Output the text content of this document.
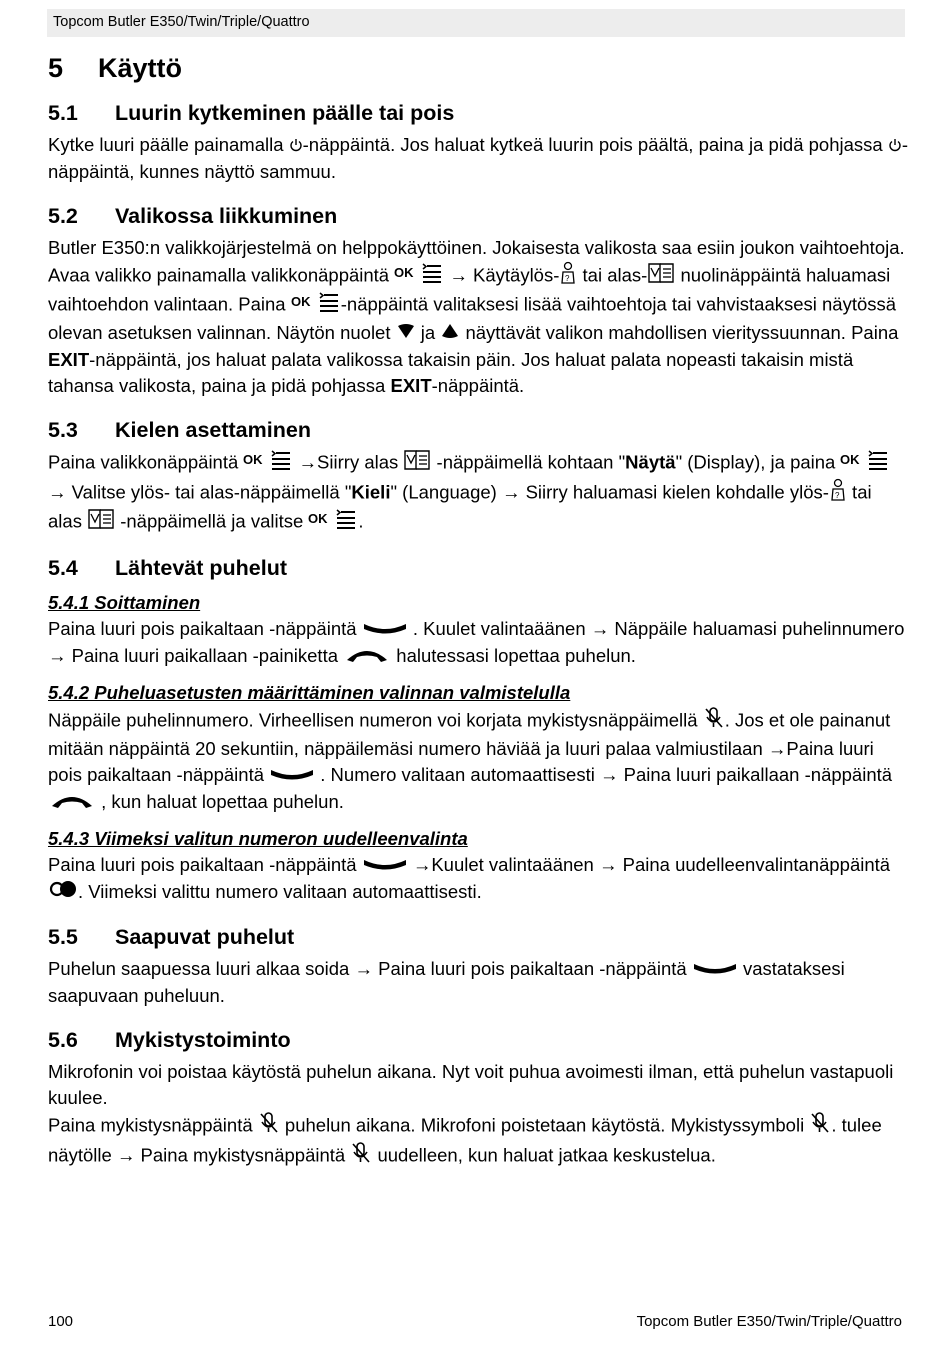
Topcom Butler E350/Twin/Triple/Quattro
5 Käyttö
5.1 Luurin kytkeminen päälle tai pois

Kytke luuri päälle painamalla -näppäintä. Jos haluat kytkeä luurin pois päältä, paina ja pidä pohjassa -näppäintä, kunnes näyttö sammuu.

5.2 Valikossa liikkuminen

Butler E350:n valikkojärjestelmä on helppokäyttöinen. Jokaisesta valikosta saa esiin joukon vaihtoehtoja. Avaa valikko painamalla valikkonäppäintä OK → Käytäylös- ? tai alas- nuolinäppäintä haluamasi vaihtoehdon valintaan. Paina OK -näppäintä valitaksesi lisää vaihtoehtoja tai vahvistaaksesi näytössä olevan asetuksen valinnan. Näytön nuolet  ja  näyttävät valikon mahdollisen vierityssuunnan. Paina EXIT-näppäintä, jos haluat palata valikossa takaisin päin. Jos haluat palata nopeasti takaisin mistä tahansa valikosta, paina ja pidä pohjassa EXIT-näppäintä.

5.3 Kielen asettaminen

Paina valikkonäppäintä OK →Siirry alas  -näppäimellä kohtaan "Näytä" (Display), ja paina OK
→ Valitse ylös- tai alas-näppäimellä "Kieli" (Language) → Siirry haluamasi kielen kohdalle ylös- ? tai alas  -näppäimellä ja valitse OK .

5.4 Lähtevät puhelut
5.4.1 Soittaminen

Paina luuri pois paikaltaan -näppäintä  . Kuulet valintaäänen → Näppäile haluamasi puhelinnumero → Paina luuri paikallaan -painiketta	halutessasi lopettaa puhelun.

5.4.2 Puheluasetusten määrittäminen valinnan valmistelulla

Näppäile puhelinnumero. Virheellisen numeron voi korjata mykistysnäppäimellä . Jos et ole painanut mitään näppäintä 20 sekuntiin, näppäilemäsi numero häviää ja luuri palaa valmiustilaan →Paina luuri pois paikaltaan -näppäintä  . Numero valitaan automaattisesti → Paina luuri paikallaan -näppäintä , kun haluat lopettaa puhelun.

5.4.3 Viimeksi valitun numeron uudelleenvalinta

Paina luuri pois paikaltaan -näppäintä  →Kuulet valintaäänen → Paina uudelleenvalintanäppäintä . Viimeksi valittu numero valitaan automaattisesti.

5.5 Saapuvat puhelut

Puhelun saapuessa luuri alkaa soida → Paina luuri pois paikaltaan -näppäintä  vastataksesi saapuvaan puheluun.

5.6 Mykistystoiminto

Mikrofonin voi poistaa käytöstä puhelun aikana. Nyt voit puhua avoimesti ilman, että puhelun vastapuoli kuulee.

Paina mykistysnäppäintä  puhelun aikana. Mikrofoni poistetaan käytöstä. Mykistyssymboli . tulee näytölle → Paina mykistysnäppäintä  uudelleen, kun haluat jatkaa keskustelua.

100	Topcom Butler E350/Twin/Triple/Quattro
